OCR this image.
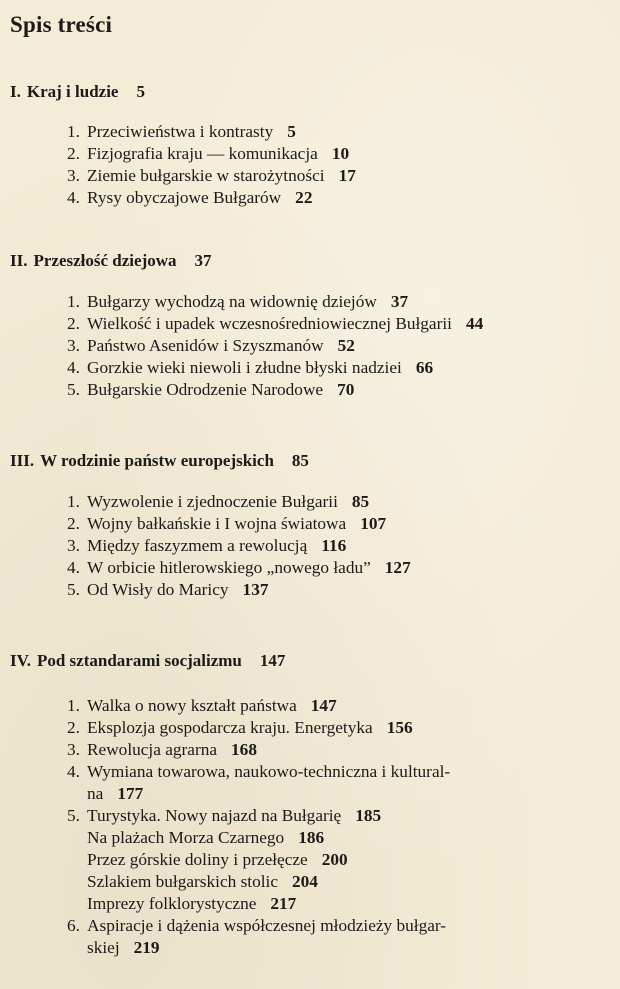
Spis treści
I. Kraj i ludzie 5
1. Przeciwieństwa i kontrasty 5
2. Fizjografia kraju — komunikacja 10
3. Ziemie bułgarskie w starożytności 17
4. Rysy obyczajowe Bułgarów 22
II. Przeszłość dziejowa 37
1. Bułgarzy wychodzą na widownię dziejów 37
2. Wielkość i upadek wczesnośredniowiecznej Bułgarii 44
3. Państwo Asenidów i Szyszmanów 52
4. Gorzkie wieki niewoli i złudne błyski nadziei 66
5. Bułgarskie Odrodzenie Narodowe 70
III. W rodzinie państw europejskich 85
1. Wyzwolenie i zjednoczenie Bułgarii 85
2. Wojny bałkańskie i I wojna światowa 107
3. Między faszyzmem a rewolucją 116
4. W orbicie hitlerowskiego „nowego ładu” 127
5. Od Wisły do Maricy 137
IV. Pod sztandarami socjalizmu 147
1. Walka o nowy kształt państwa 147
2. Eksplozja gospodarcza kraju. Energetyka 156
3. Rewolucja agrarna 168
4. Wymiana towarowa, naukowo-techniczna i kultural-
na 177
5. Turystyka. Nowy najazd na Bułgarię 185
Na plażach Morza Czarnego 186
Przez górskie doliny i przełęcze 200
Szlakiem bułgarskich stolic 204
Imprezy folklorystyczne 217
6. Aspiracje i dążenia współczesnej młodzieży bułgar-
skiej 219
